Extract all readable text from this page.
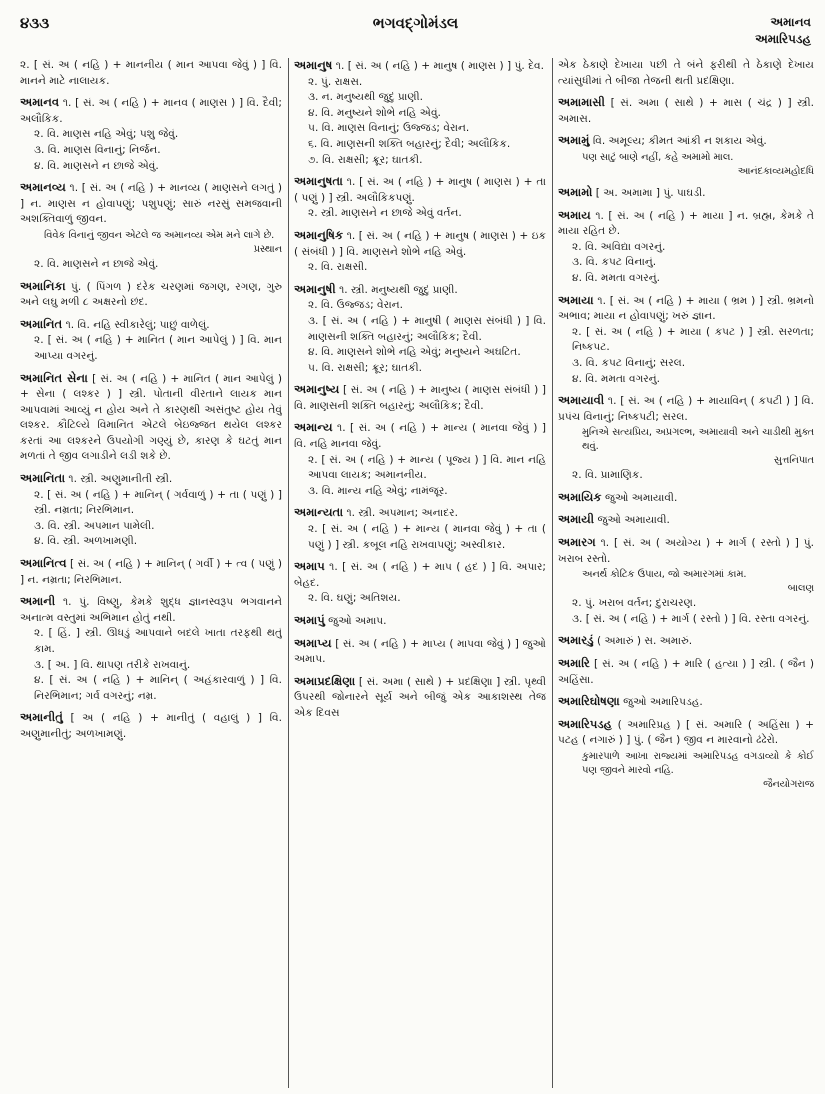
૪૩૩	ભગવદ્ગોમંડલ	અમાનવ
અમારિપડહ
૨. [ સં. અ ( નહિ ) + માનનીય ( માન આપવા જેવું ) ] વિ. માનને માટે નાલાયક.
અમાનવ ૧. [ સં. અ ( નહિ ) + માનવ ( માણસ ) ] વિ. દૈવી; અલૌકિક.
૨. વિ. માણસ નહિ એવું; પશુ જેવું.
૩. વિ. માણસ વિનાનું; નિર્જન.
૪. વિ. માણસને ન છાજે એવું.
અમાનવ્ય ૧. [ સં. અ ( નહિ ) + માનવ્ય ( માણસને લગતું ) ] ન. માણસ ન હોવાપણું; પશુપણું; સારું નરસું સમજવાની અશક્તિવાળું જીવન.
વિવેક વિનાનું જીવન એટલે જ અમાનવ્ય એમ મને લાગે છે.
પ્રસ્થાન
૨. વિ. માણસને ન છાજે એવું.
અમાનિકા પું. ( પિંગળ ) દરેક ચરણમાં જગણ, રગણ, ગુરુ અને લઘુ મળી ૮ અક્ષરનો છંદ.
અમાનિત ૧. વિ. નહિ સ્વીકારેલું; પાછું વાળેલું.
૨. [ સં. અ ( નહિ ) + માનિત ( માન આપેલું ) ] વિ. માન આપ્યા વગરનું.
અમાનિત સેના [ સં. અ ( નહિ ) + માનિત ( માન આપેલું ) + સેના ( લશ્કર ) ] સ્ત્રી. પોતાની વીરતાને લાયક માન આપવામાં આવ્યું ન હોય અને તે કારણથી અસંતુષ્ટ હોય તેવું લશ્કર. કૌટિલ્યે વિમાનિત એટલે બેઇજ્જત થયેલ લશ્કર કરતાં આ લશ્કરને ઉપયોગી ગણ્યું છે, કારણ કે ઘટતું માન મળતાં તે જીવ લગાડીને લડી શકે છે.
અમાનિતા ૧. સ્ત્રી. અણુમાનીતી સ્ત્રી.
૨. [ સં. અ ( નહિ ) + માનિન્ ( ગર્વવાળું ) + તા ( પણું ) ] સ્ત્રી. નમ્રતા; નિરભિમાન.
૩. વિ. સ્ત્રી. અપમાન પામેલી.
૪. વિ. સ્ત્રી. અળખામણી.
અમાનિત્વ [ સં. અ ( નહિ ) + માનિન્ ( ગર્વી ) + ત્વ ( પણું ) ] ન. નમ્રતા; નિરભિમાન.
અમાની ૧. પું. વિષ્ણુ, કેમકે શુદ્ધ જ્ઞાનસ્વરૂપ ભગવાનને અનાત્મ વસ્તુમાં અભિમાન હોતું નથી.
૨. [ હિં. ] સ્ત્રી. ઊધડું આપવાને બદલે ખાતા તરફથી થતું કામ.
૩. [ અ. ] વિ. થાપણ તરીકે રાખવાનું.
૪. [ સં. અ ( નહિ ) + માનિન્ ( અહંકારવાળું ) ] વિ. નિરભિમાન; ગર્વ વગરનું; નમ્ર.
અમાનીતું [ અ ( નહિ ) + માનીતું ( વહાલું ) ] વિ. અણુમાનીતું; અળખામણું.
અમાનુષ ૧. [ સં. અ ( નહિ ) + માનુષ ( માણસ ) ] પું. દેવ.
૨. પું. રાક્ષસ.
૩. ન. મનુષ્યથી જુદું પ્રાણી.
૪. વિ. મનુષ્યને શોભે નહિ એવું.
૫. વિ. માણસ વિનાનું; ઉજ્જડ; વેરાન.
૬. વિ. માણસની શક્તિ બહારનું; દૈવી; અલૌકિક.
૭. વિ. રાક્ષસી; ક્રૂર; ઘાતકી.
અમાનુષતા ૧. [ સં. અ ( નહિ ) + માનુષ ( માણસ ) + તા ( પણું ) ] સ્ત્રી. અલૌકિકપણું.
૨. સ્ત્રી. માણસને ન છાજે એવું વર્તન.
અમાનુષિક ૧. [ સં. અ ( નહિ ) + માનુષ ( માણસ ) + ઇક ( સંબંધી ) ] વિ. માણસને શોભે નહિ એવું.
૨. વિ. રાક્ષસી.
અમાનુષી ૧. સ્ત્રી. મનુષ્યથી જુદું પ્રાણી.
૨. વિ. ઉજ્જડ; વેરાન.
૩. [ સં. અ ( નહિ ) + માનુષી ( માણસ સંબંધી ) ] વિ. માણસની શક્તિ બહારનું; અલૌકિક; દૈવી.
૪. વિ. માણસને શોભે નહિ એવું; મનુષ્યને અઘટિત.
૫. વિ. રાક્ષસી; ક્રૂર; ઘાતકી.
અમાનુષ્ય [ સં. અ ( નહિ ) + માનુષ્ય ( માણસ સંબંધી ) ] વિ. માણસની શક્તિ બહારનું; અલૌકિક; દૈવી.
અમાન્ય ૧. [ સં. અ ( નહિ ) + માન્ય ( માનવા જેવું ) ] વિ. નહિ માનવા જેવું.
૨. [ સં. અ ( નહિ ) + માન્ય ( પૂજ્ય ) ] વિ. માન નહિ આપવા લાયક; અમાનનીય.
૩. વિ. માન્ય નહિ એવું; નામંજૂર.
અમાન્યતા ૧. સ્ત્રી. અપમાન; અનાદર.
૨. [ સં. અ ( નહિ ) + માન્ય ( માનવા જેવું ) + તા ( પણું ) ] સ્ત્રી. કબૂલ નહિ રાખવાપણું; અસ્વીકાર.
અમાપ ૧. [ સં. અ ( નહિ ) + માપ ( હદ ) ] વિ. અપાર; બેહદ.
૨. વિ. ઘણું; અતિશય.
અમાપું જુઓ અમાપ.
અમાપ્ય [ સં. અ ( નહિ ) + માપ્ય ( માપવા જેવું ) ] જુઓ અમાપ.
અમાપ્રદક્ષિણા [ સં. અમા ( સાથે ) + પ્રદક્ષિણા ] સ્ત્રી. પૃથ્વી ઉપરથી જોનારને સૂર્ય અને બીજું એક આકાશસ્થ તેજ એક દિવસ
એક ઠેકાણે દેખાયા પછી તે બંને ફરીથી તે ઠેકાણે દેખાય ત્યાંસુધીમાં તે બીજા તેજની થતી પ્રદક્ષિણા.
અમામાસી [ સં. અમા ( સાથે ) + માસ ( ચંદ્ર ) ] સ્ત્રી. અમાસ.
અમામું વિ. અમૂલ્ય; કીમત આંકી ન શકાય એવું.
પણ સાટું બાણે નહીં, કહે અમામો માલ.
આનંદકાવ્યમહોદધિ
અમામો [ અ. અમામા ] પું. પાઘડી.
અમાય ૧. [ સં. અ ( નહિ ) + માયા ] ન. બ્રહ્મ, કેમકે તે માયા રહિત છે.
૨. વિ. અવિદ્યા વગરનું.
૩. વિ. કપટ વિનાનું.
૪. વિ. મમતા વગરનું.
અમાયા ૧. [ સં. અ ( નહિ ) + માયા ( ભ્રમ ) ] સ્ત્રી. ભ્રમનો અભાવ; માયા ન હોવાપણું; ખરું જ્ઞાન.
૨. [ સં. અ ( નહિ ) + માયા ( કપટ ) ] સ્ત્રી. સરળતા; નિષ્કપટ.
૩. વિ. કપટ વિનાનું; સરલ.
૪. વિ. મમતા વગરનું.
અમાયાવી ૧. [ સં. અ ( નહિ ) + માયાવિન્ ( કપટી ) ] વિ. પ્રપંચ વિનાનું; નિષ્કપટી; સરલ.
મુનિએ સત્યપ્રિય, અપ્રગલ્ભ, અમાયાવી અને ચાડીથી મુક્ત થવું.
સુત્તનિપાત
૨. વિ. પ્રામાણિક.
અમાયિક જુઓ અમાયાવી.
અમાયી જુઓ અમાયાવી.
અમારગ ૧. [ સં. અ ( અયોગ્ય ) + માર્ગ ( રસ્તો ) ] પું. ખરાબ રસ્તો.
અનર્થ કોટિક ઉપાય, જો અમારગમાં કામ.
બાલણ
૨. પું. ખરાબ વર્તન; દુરાચરણ.
૩. [ સં. અ ( નહિ ) + માર્ગ ( રસ્તો ) ] વિ. રસ્તા વગરનું.
અમારડું ( અમારું ) સ. અમારું.
અમારિ [ સં. અ ( નહિ ) + મારિ ( હત્યા ) ] સ્ત્રી. ( જૈન ) અહિંસા.
અમારિઘોષણા જુઓ અમારિપડહ.
અમારિપડહ ( અમારિપ્રહ ) [ સં. અમારિ ( અહિંસા ) + પટહ ( નગારું ) ] પું. ( જૈન ) જીવ ન મારવાનો ઢંઢેરો.
કુમારપાળે આખા રાજ્યમાં અમારિપડહ વગડાવ્યો કે કોઈ પણ જીવને મારવો નહિ.
જૈનયોગરાજ
